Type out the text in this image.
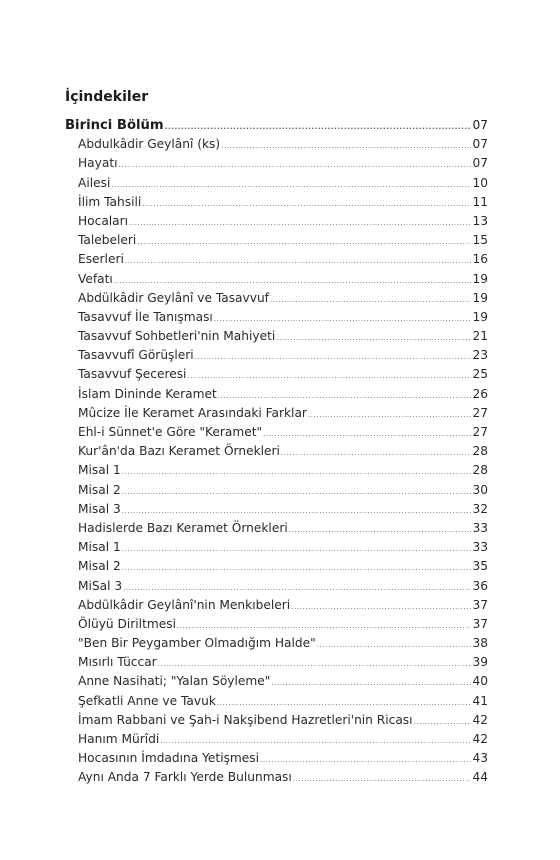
İçindekiler
Birinci Bölüm .....	07
Abdulkâdir Geylânî (ks) .....	07
Hayatı .....	07
Ailesi .....	10
İlim Tahsili .....	11
Hocaları .....	13
Talebeleri .....	15
Eserleri .....	16
Vefatı .....	19
Abdülkâdir Geylânî ve Tasavvuf .....	19
Tasavvuf İle Tanışması .....	19
Tasavvuf Sohbetleri'nin Mahiyeti .....	21
Tasavvufî Görüşleri .....	23
Tasavvuf Şeceresi .....	25
İslam Dininde Keramet .....	26
Mûcize İle Keramet Arasındaki Farklar .....	27
Ehl-i Sünnet'e Göre "Keramet" .....	27
Kur'ân'da Bazı Keramet Örnekleri .....	28
Misal 1 .....	28
Misal 2 .....	30
Misal 3 .....	32
Hadislerde Bazı Keramet Örnekleri .....	33
Misal 1 .....	33
Misal 2 .....	35
MiSal 3 .....	36
Abdülkâdir Geylânî'nin Menkıbeleri .....	37
Ölüyü Diriltmesi .....	37
"Ben Bir Peygamber Olmadığım Halde" .....	38
Mısırlı Tüccar .....	39
Anne Nasihati; "Yalan Söyleme" .....	40
Şefkatli Anne ve Tavuk .....	41
İmam Rabbani ve Şah-i Nakşibend Hazretleri'nin Ricası .....	42
Hanım Mürîdi .....	42
Hocasının İmdadına Yetişmesi .....	43
Aynı Anda 7 Farklı Yerde Bulunması .....	44
